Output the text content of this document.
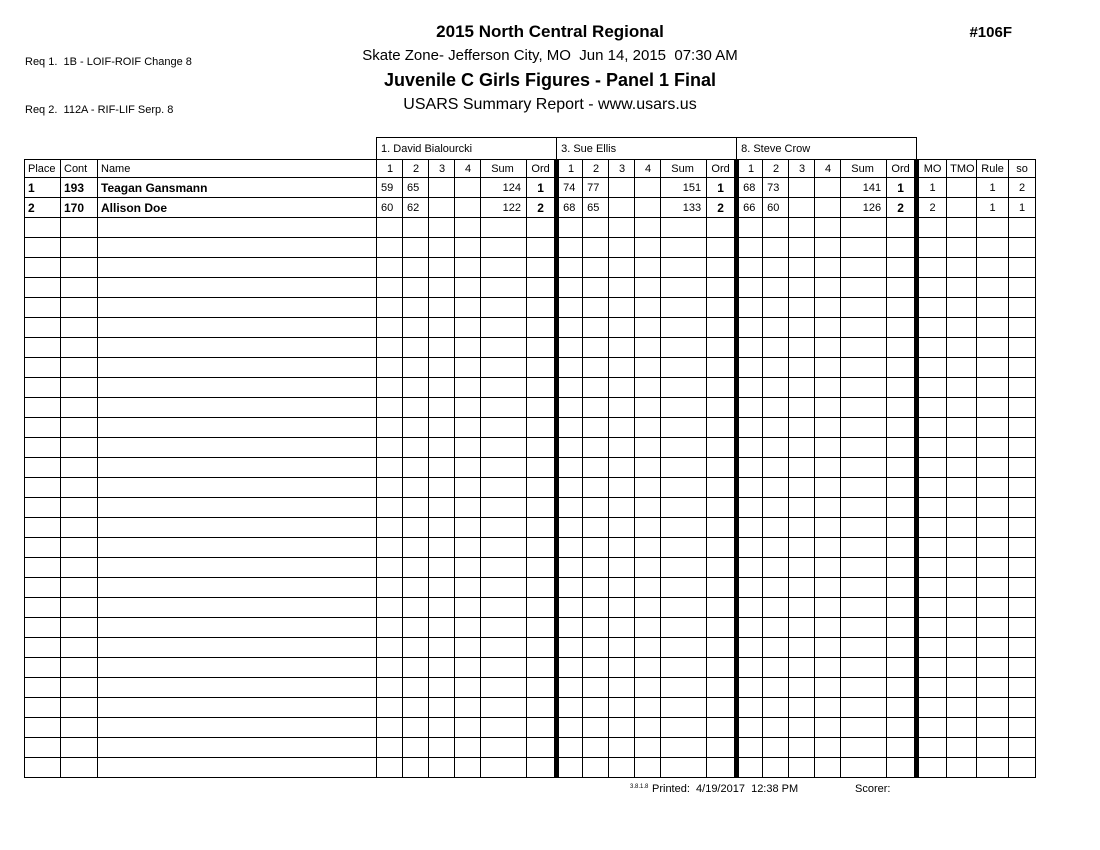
Req 1.  1B - LOIF-ROIF Change 8

Req 2.  112A - RIF-LIF Serp. 8

2015 North Central Regional
Skate Zone- Jefferson City, MO  Jun 14, 2015  07:30 AM
Juvenile C Girls Figures - Panel 1 Final
USARS Summary Report - www.usars.us
#106F
			1. David Bialourcki						3. Sue Ellis						8. Steve Crow									
Place	Cont	Name	1	2	3	4	Sum	Ord	1	2	3	4	Sum	Ord	1	2	3	4	Sum	Ord	MO	TMO	Rule	so
1	193	Teagan Gansmann	59	65			124	1	74	77			151	1	68	73			141	1	1		1	2
2	170	Allison Doe	60	62			122	2	68	65			133	2	66	60			126	2	2		1	1

3.8.1.8 Printed:  4/19/2017  12:38 PM	Scorer:
